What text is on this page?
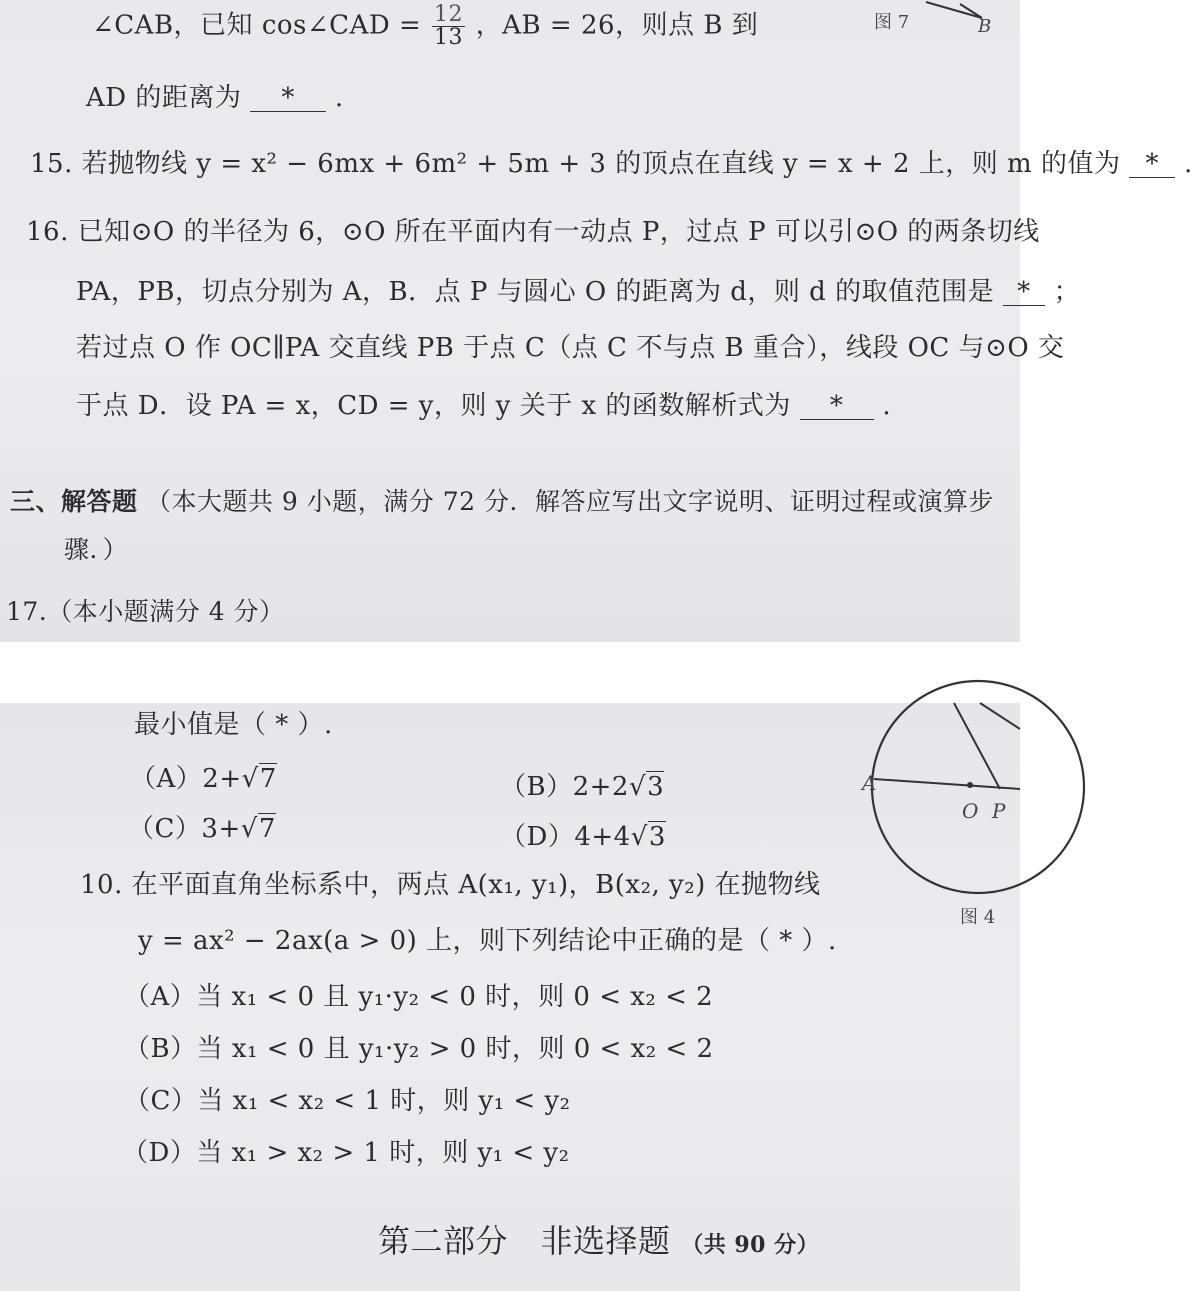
∠CAB，已知 cos∠CAD = $\frac{12}{13}$ ，AB = 26，则点 B 到	图 7	B
AD 的距离为 * .
15. 若抛物线 y = x² − 6mx + 6m² + 5m + 3 的顶点在直线 y = x + 2 上，则 m 的值为 * .
16. 已知⊙O 的半径为 6，⊙O 所在平面内有一动点 P，过点 P 可以引⊙O 的两条切线
PA，PB，切点分别为 A，B．点 P 与圆心 O 的距离为 d，则 d 的取值范围是 * ；
若过点 O 作 OC∥PA 交直线 PB 于点 C（点 C 不与点 B 重合），线段 OC 与⊙O 交
于点 D．设 PA = x，CD = y，则 y 关于 x 的函数解析式为 * .
三、解答题 （本大题共 9 小题，满分 72 分．解答应写出文字说明、证明过程或演算步
骤．）
17.（本小题满分 4 分）
最小值是（ * ）.
（A）2+√7	（B）2+2√3
（C）3+√7	（D）4+4√3
A
O P
图 4
10. 在平面直角坐标系中，两点 A(x₁, y₁)，B(x₂, y₂) 在抛物线
y = ax² − 2ax(a > 0) 上，则下列结论中正确的是（ * ）.
（A）当 x₁ < 0 且 y₁·y₂ < 0 时，则 0 < x₂ < 2
（B）当 x₁ < 0 且 y₁·y₂ > 0 时，则 0 < x₂ < 2
（C）当 x₁ < x₂ < 1 时，则 y₁ < y₂
（D）当 x₁ > x₂ > 1 时，则 y₁ < y₂
第二部分　非选择题 （共 90 分）
